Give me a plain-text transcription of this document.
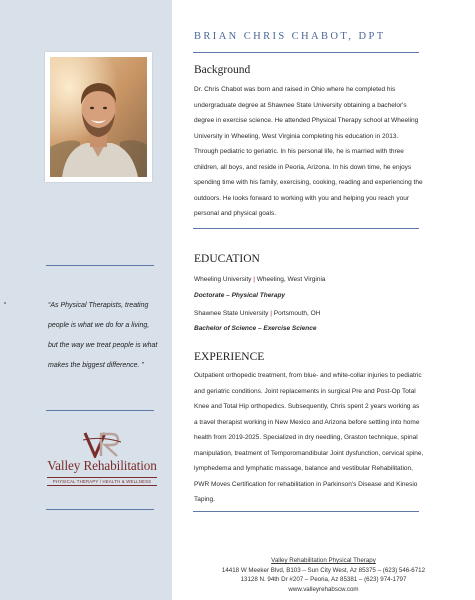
“As Physical Therapists, treating people is what we do for a living, but the way we treat people is what makes the biggest difference. ”
Valley Rehabilitation
PHYSICAL THERAPY / HEALTH & WELLNESS
BRIAN CHRIS CHABOT, DPT
Background
Dr. Chris Chabot was born and raised in Ohio where he completed his undergraduate degree at Shawnee State University obtaining a bachelor's degree in exercise science. He attended Physical Therapy school at Wheeling University in Wheeling, West Virginia completing his education in 2013. Through pediatric to geriatric. In his personal life, he is married with three children, all boys, and reside in Peoria, Arizona. In his down time, he enjoys spending time with his family, exercising, cooking, reading and experiencing the outdoors. He looks forward to working with you and helping you reach your personal and physical goals.
EDUCATION
Wheeling University | Wheeling, West Virginia
Doctorate – Physical Therapy
Shawnee State University | Portsmouth, OH
Bachelor of Science – Exercise Science
EXPERIENCE
Outpatient orthopedic treatment, from blue- and white-collar injuries to pediatric and geriatric conditions. Joint replacements in surgical Pre and Post-Op Total Knee and Total Hip orthopedics. Subsequently, Chris spent 2 years working as a travel therapist working in New Mexico and Arizona before settling into home health from 2019-2025. Specialized in dry needling, Graston technique, spinal manipulation, treatment of Temporomandibular Joint dysfunction, cervical spine, lymphedema and lymphatic massage, balance and vestibular Rehabilitation, PWR Moves Certification for rehabilitation in Parkinson's Disease and Kinesio Taping.
Valley Rehabilitation Physical Therapy
14418 W Meeker Blvd, B103 – Sun City West, Az 85375 – (623) 546-6712
13128 N. 94th Dr #207 – Peoria, Az 85381 – (623) 974-1797
www.valleyrehabscw.com
